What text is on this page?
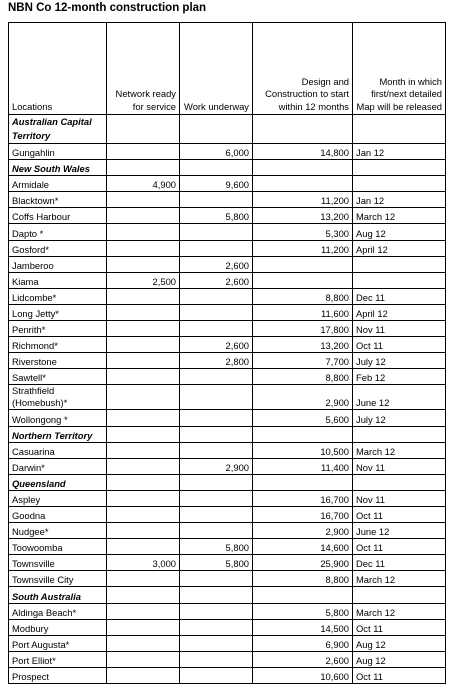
NBN Co 12-month construction plan
Locations	Network ready for service	Work underway	Design and Construction to start within 12 months	Month in which first/next detailed Map will be released
Australian Capital Territory				
Gungahlin		6,000	14,800	Jan 12
New South Wales				
Armidale	4,900	9,600		
Blacktown*			11,200	Jan 12
Coffs Harbour		5,800	13,200	March 12
Dapto *			5,300	Aug 12
Gosford*			11,200	April 12
Jamberoo		2,600		
Kiama	2,500	2,600		
Lidcombe*			8,800	Dec 11
Long Jetty*			11,600	April 12
Penrith*			17,800	Nov 11
Richmond*		2,600	13,200	Oct 11
Riverstone		2,800	7,700	July 12
Sawtell*			8,800	Feb 12
Strathfield (Homebush)*			2,900	June 12
Wollongong *			5,600	July 12
Northern Territory				
Casuarina			10,500	March 12
Darwin*		2,900	11,400	Nov 11
Queensland				
Aspley			16,700	Nov 11
Goodna			16,700	Oct 11
Nudgee*			2,900	June 12
Toowoomba		5,800	14,600	Oct 11
Townsville	3,000	5,800	25,900	Dec 11
Townsville City			8,800	March 12
South Australia				
Aldinga Beach*			5,800	March 12
Modbury			14,500	Oct 11
Port Augusta*			6,900	Aug 12
Port Elliot*			2,600	Aug 12
Prospect			10,600	Oct 11
